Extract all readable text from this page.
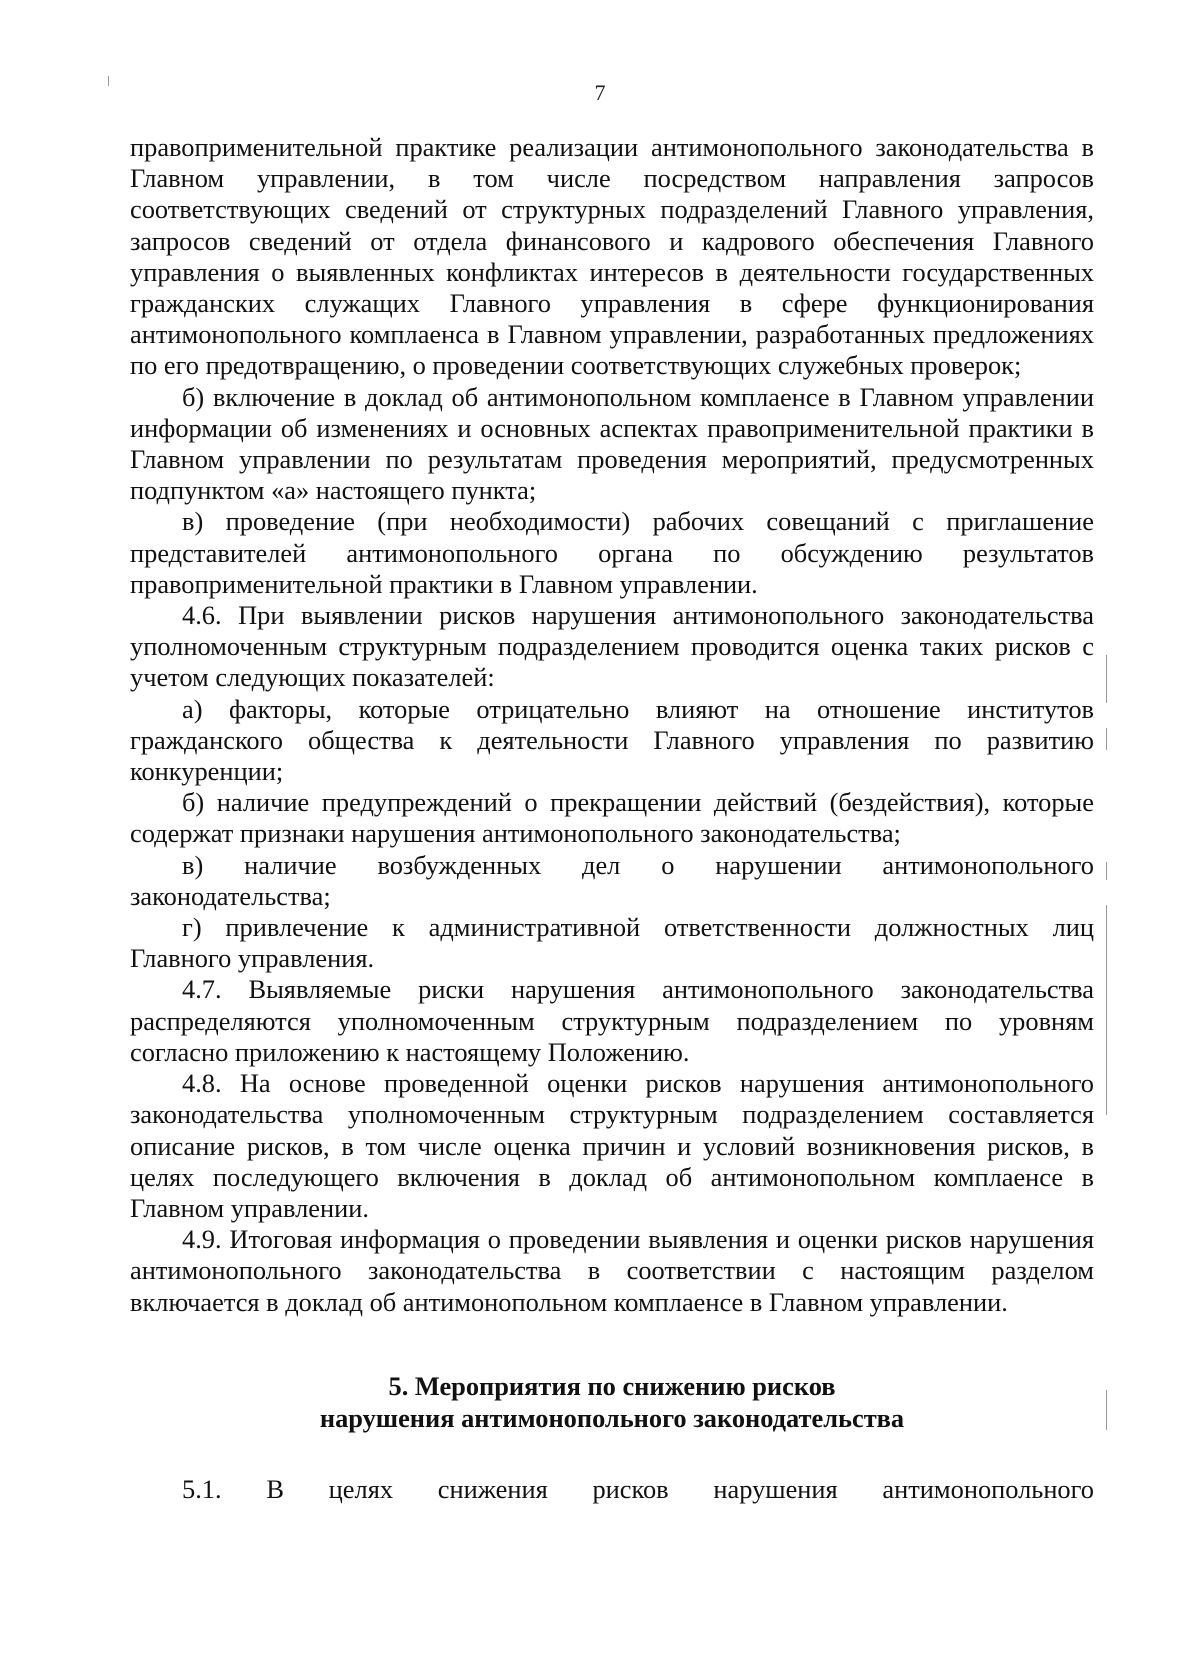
7

правоприменительной практике реализации антимонопольного законодательства в Главном управлении, в том числе посредством направления запросов соответствующих сведений от структурных подразделений Главного управления, запросов сведений от отдела финансового и кадрового обеспечения Главного управления о выявленных конфликтах интересов в деятельности государственных гражданских служащих Главного управления в сфере функционирования антимонопольного комплаенса в Главном управлении, разработанных предложениях по его предотвращению, о проведении соответствующих служебных проверок;

б) включение в доклад об антимонопольном комплаенсе в Главном управлении информации об изменениях и основных аспектах правоприменительной практики в Главном управлении по результатам проведения мероприятий, предусмотренных подпунктом «а» настоящего пункта;

в) проведение (при необходимости) рабочих совещаний с приглашение представителей антимонопольного органа по обсуждению результатов правоприменительной практики в Главном управлении.

4.6. При выявлении рисков нарушения антимонопольного законодательства уполномоченным структурным подразделением проводится оценка таких рисков с учетом следующих показателей:

а) факторы, которые отрицательно влияют на отношение институтов гражданского общества к деятельности Главного управления по развитию конкуренции;

б) наличие предупреждений о прекращении действий (бездействия), которые содержат признаки нарушения антимонопольного законодательства;

в) наличие возбужденных дел о нарушении антимонопольного законодательства;

г) привлечение к административной ответственности должностных лиц Главного управления.

4.7. Выявляемые риски нарушения антимонопольного законодательства распределяются уполномоченным структурным подразделением по уровням согласно приложению к настоящему Положению.

4.8. На основе проведенной оценки рисков нарушения антимонопольного законодательства уполномоченным структурным подразделением составляется описание рисков, в том числе оценка причин и условий возникновения рисков, в целях последующего включения в доклад об антимонопольном комплаенсе в Главном управлении.

4.9. Итоговая информация о проведении выявления и оценки рисков нарушения антимонопольного законодательства в соответствии с настоящим разделом включается в доклад об антимонопольном комплаенсе в Главном управлении.

5. Мероприятия по снижению рисков
нарушения антимонопольного законодательства

5.1. В целях снижения рисков нарушения антимонопольного
